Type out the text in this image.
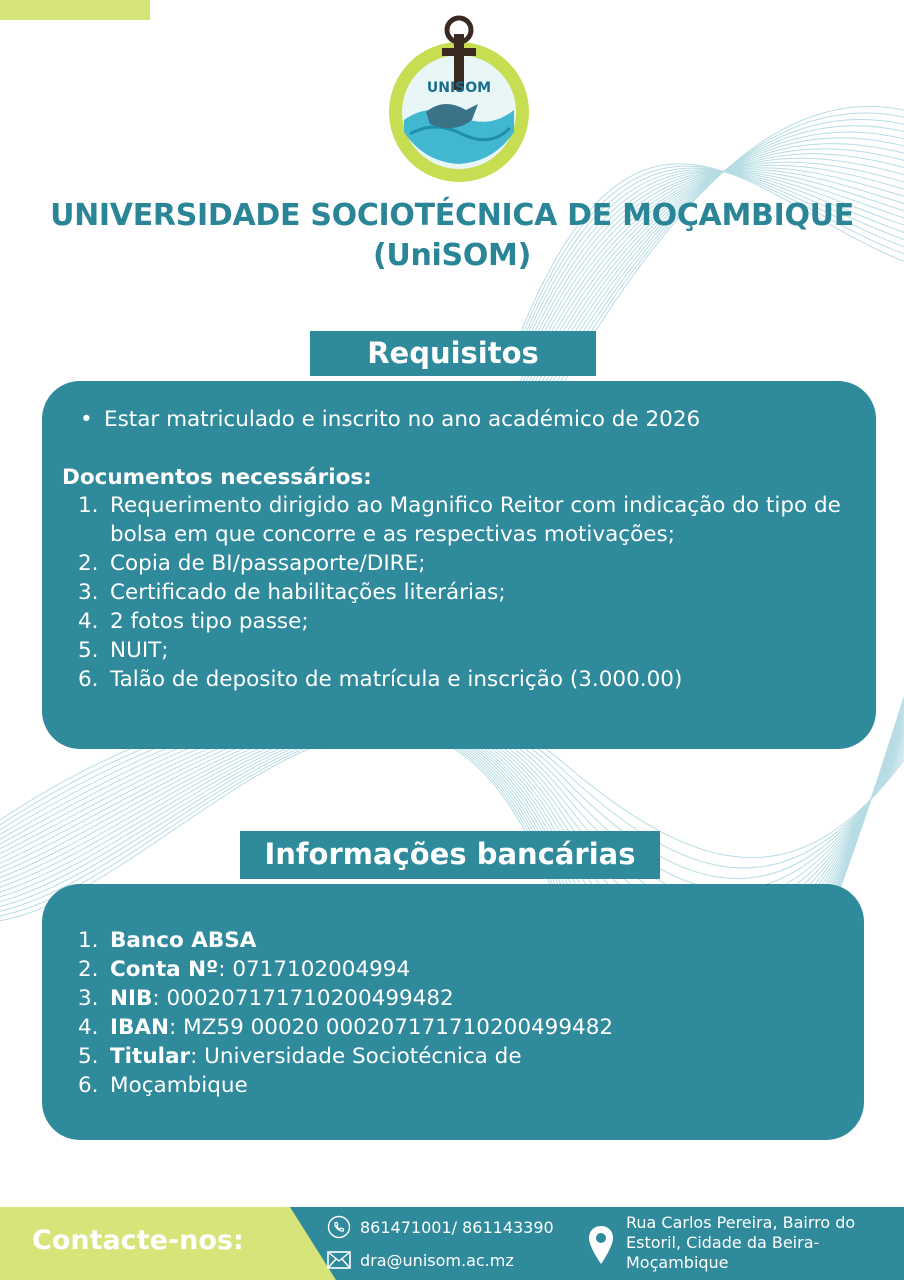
UNISOM
UNIVERSIDADE SOCIOTÉCNICA DE MOÇAMBIQUE
(UniSOM)
Requisitos
• Estar matriculado e inscrito no ano académico de 2026
Documentos necessários:
1. Requerimento dirigido ao Magnifico Reitor com indicação do tipo de bolsa em que concorre e as respectivas motivações;
2. Copia de BI/passaporte/DIRE;
3. Certificado de habilitações literárias;
4. 2 fotos tipo passe;
5. NUIT;
6. Talão de deposito de matrícula e inscrição (3.000.00)
Informações bancárias
1. Banco ABSA
2. Conta Nº: 0717102004994
3. NIB: 000207171710200499482
4. IBAN: MZ59 00020 000207171710200499482
5. Titular: Universidade Sociotécnica de
6. Moçambique
Contacte-nos:	861471001/ 861143390
dra@unisom.ac.mz
Rua Carlos Pereira, Bairro do Estoril, Cidade da Beira- Moçambique
